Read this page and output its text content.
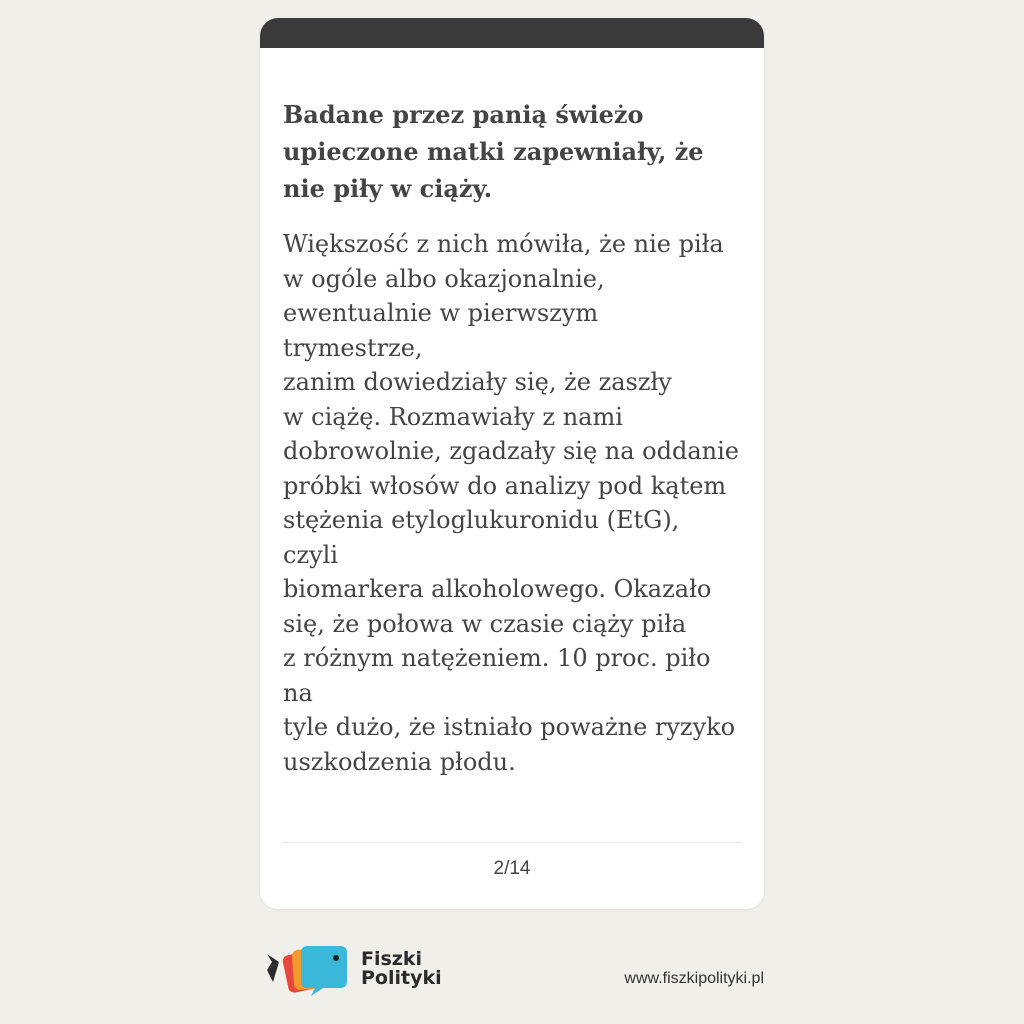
Badane przez panią świeżo upieczone matki zapewniały, że nie piły w ciąży.
Większość z nich mówiła, że nie piła
w ogóle albo okazjonalnie,
ewentualnie w pierwszym trymestrze,
zanim dowiedziały się, że zaszły
w ciążę. Rozmawiały z nami
dobrowolnie, zgadzały się na oddanie
próbki włosów do analizy pod kątem
stężenia etyloglukuronidu (EtG), czyli
biomarkera alkoholowego. Okazało
się, że połowa w czasie ciąży piła
z różnym natężeniem. 10 proc. piło na
tyle dużo, że istniało poważne ryzyko
uszkodzenia płodu.
2/14
Fiszki
Polityki	www.fiszkipolityki.pl
